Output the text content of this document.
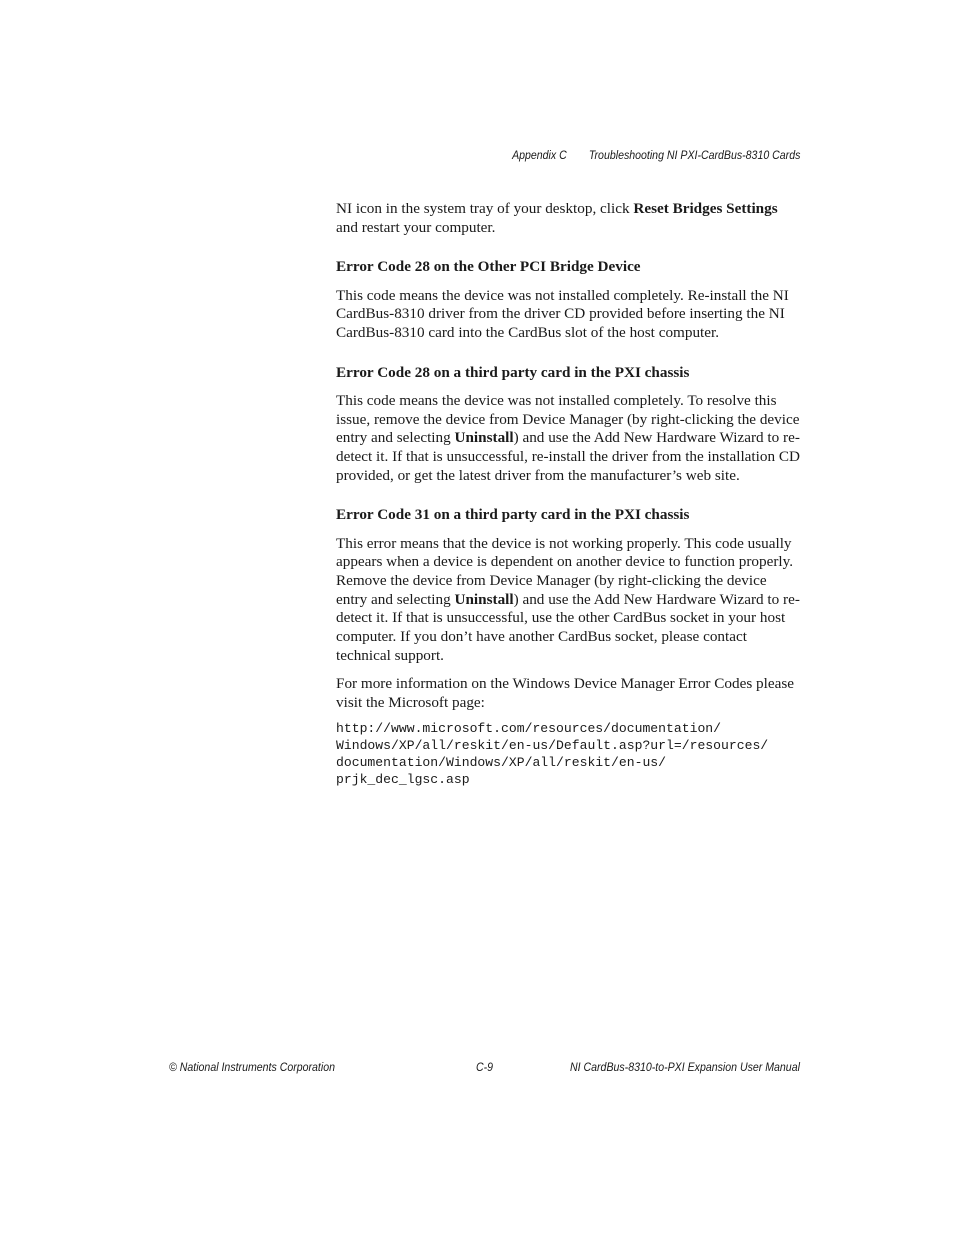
Appendix C Troubleshooting NI PXI-CardBus-8310 Cards

NI icon in the system tray of your desktop, click Reset Bridges Settings and restart your computer.

Error Code 28 on the Other PCI Bridge Device

This code means the device was not installed completely. Re-install the NI CardBus-8310 driver from the driver CD provided before inserting the NI CardBus-8310 card into the CardBus slot of the host computer.

Error Code 28 on a third party card in the PXI chassis

This code means the device was not installed completely. To resolve this issue, remove the device from Device Manager (by right-clicking the device entry and selecting Uninstall) and use the Add New Hardware Wizard to re-detect it. If that is unsuccessful, re-install the driver from the installation CD provided, or get the latest driver from the manufacturer’s web site.

Error Code 31 on a third party card in the PXI chassis

This error means that the device is not working properly. This code usually appears when a device is dependent on another device to function properly. Remove the device from Device Manager (by right-clicking the device entry and selecting Uninstall) and use the Add New Hardware Wizard to re-detect it. If that is unsuccessful, use the other CardBus socket in your host computer. If you don’t have another CardBus socket, please contact technical support.

For more information on the Windows Device Manager Error Codes please visit the Microsoft page:

http://www.microsoft.com/resources/documentation/
Windows/XP/all/reskit/en-us/Default.asp?url=/resources/
documentation/Windows/XP/all/reskit/en-us/
prjk_dec_lgsc.asp
© National Instruments Corporation	C-9	NI CardBus-8310-to-PXI Expansion User Manual
